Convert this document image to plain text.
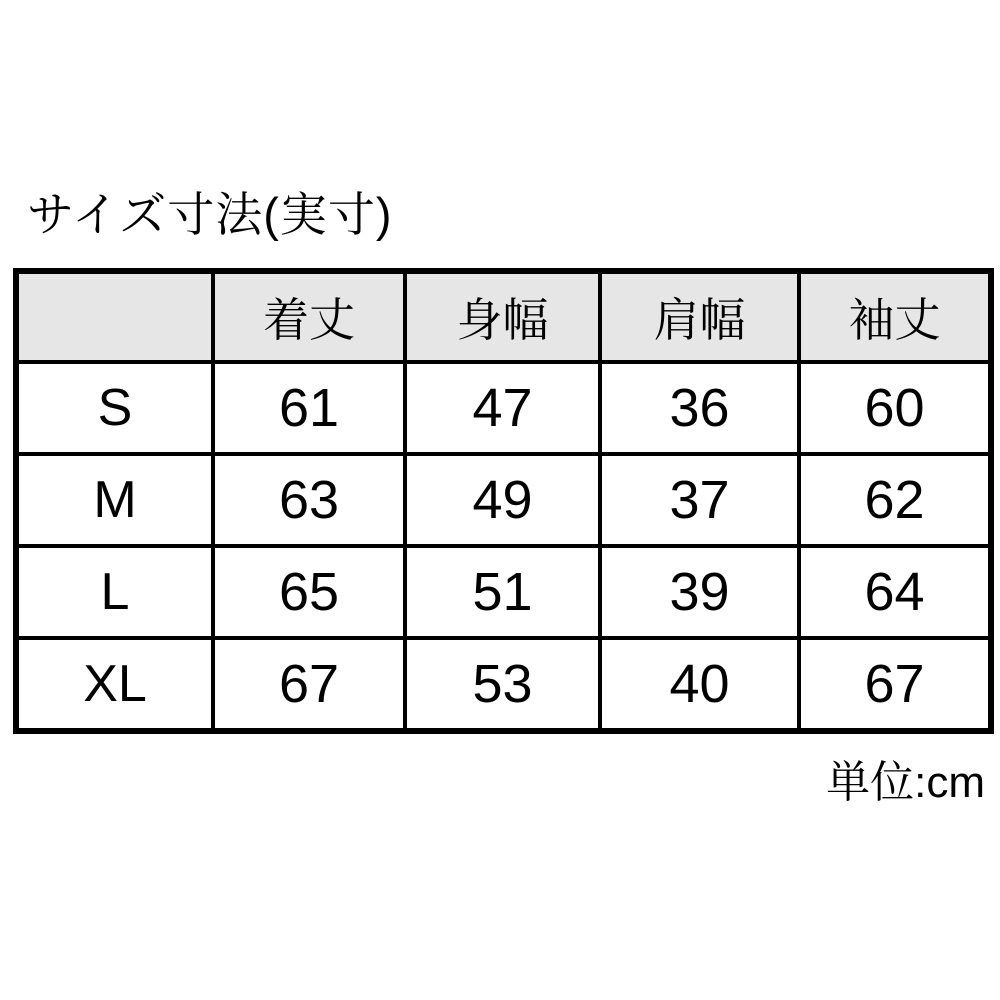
サイズ寸法(実寸)
	着丈	身幅	肩幅	袖丈
S	61	47	36	60
M	63	49	37	62
L	65	51	39	64
XL	67	53	40	67
単位:cm
